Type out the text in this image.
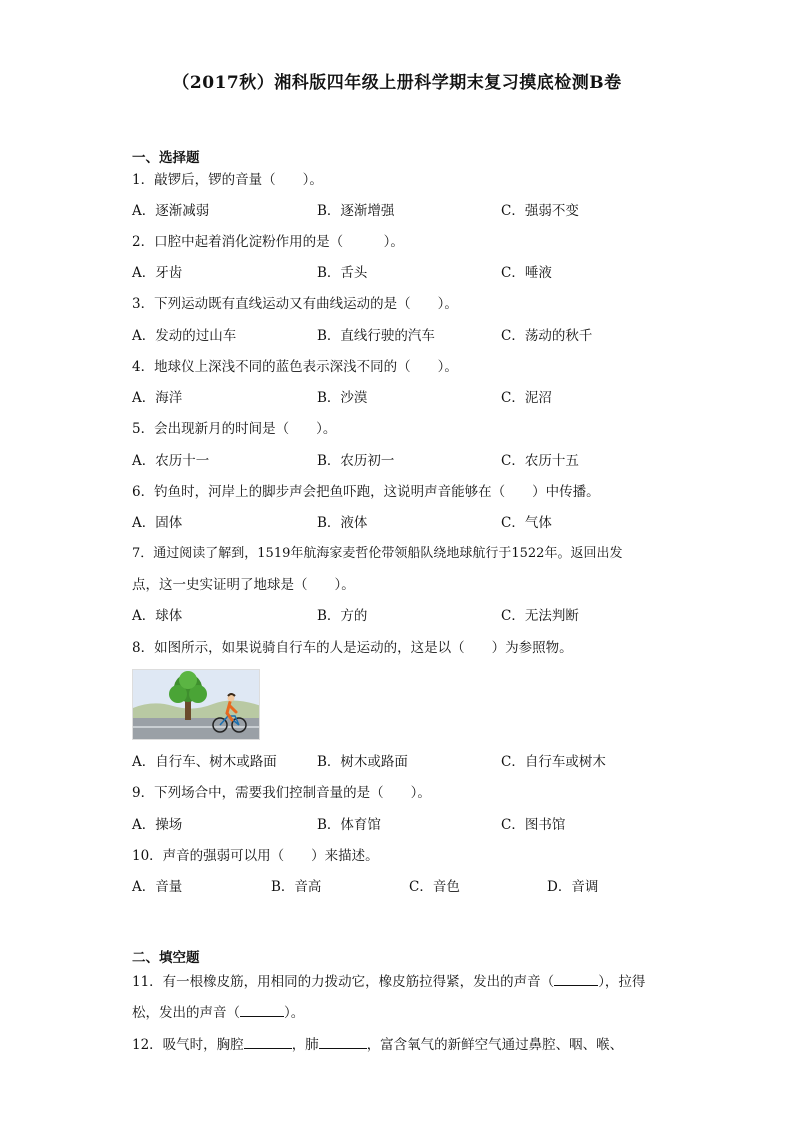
（2017秋）湘科版四年级上册科学期末复习摸底检测B卷
一、选择题
1．敲锣后，锣的音量（　　）。
A．逐渐减弱	B．逐渐增强	C．强弱不变
2．口腔中起着消化淀粉作用的是（　　　）。
A．牙齿	B．舌头	C．唾液
3．下列运动既有直线运动又有曲线运动的是（　　）。
A．发动的过山车	B．直线行驶的汽车	C．荡动的秋千
4．地球仪上深浅不同的蓝色表示深浅不同的（　　）。
A．海洋	B．沙漠	C．泥沼
5．会出现新月的时间是（　　）。
A．农历十一	B．农历初一	C．农历十五
6．钓鱼时，河岸上的脚步声会把鱼吓跑，这说明声音能够在（　　）中传播。
A．固体	B．液体	C．气体
7．通过阅读了解到，1519年航海家麦哲伦带领船队绕地球航行于1522年。返回出发
点，这一史实证明了地球是（　　）。
A．球体	B．方的	C．无法判断
8．如图所示，如果说骑自行车的人是运动的，这是以（　　）为参照物。
A．自行车、树木或路面	B．树木或路面	C．自行车或树木
9．下列场合中，需要我们控制音量的是（　　）。
A．操场	B．体育馆	C．图书馆
10．声音的强弱可以用（　　）来描述。
A．音量	B．音高	C．音色	D．音调
二、填空题
11．有一根橡皮筋，用相同的力拨动它，橡皮筋拉得紧，发出的声音（	），拉得
松，发出的声音（	）。
12．吸气时，胸腔	，肺	，富含氧气的新鲜空气通过鼻腔、咽、喉、
